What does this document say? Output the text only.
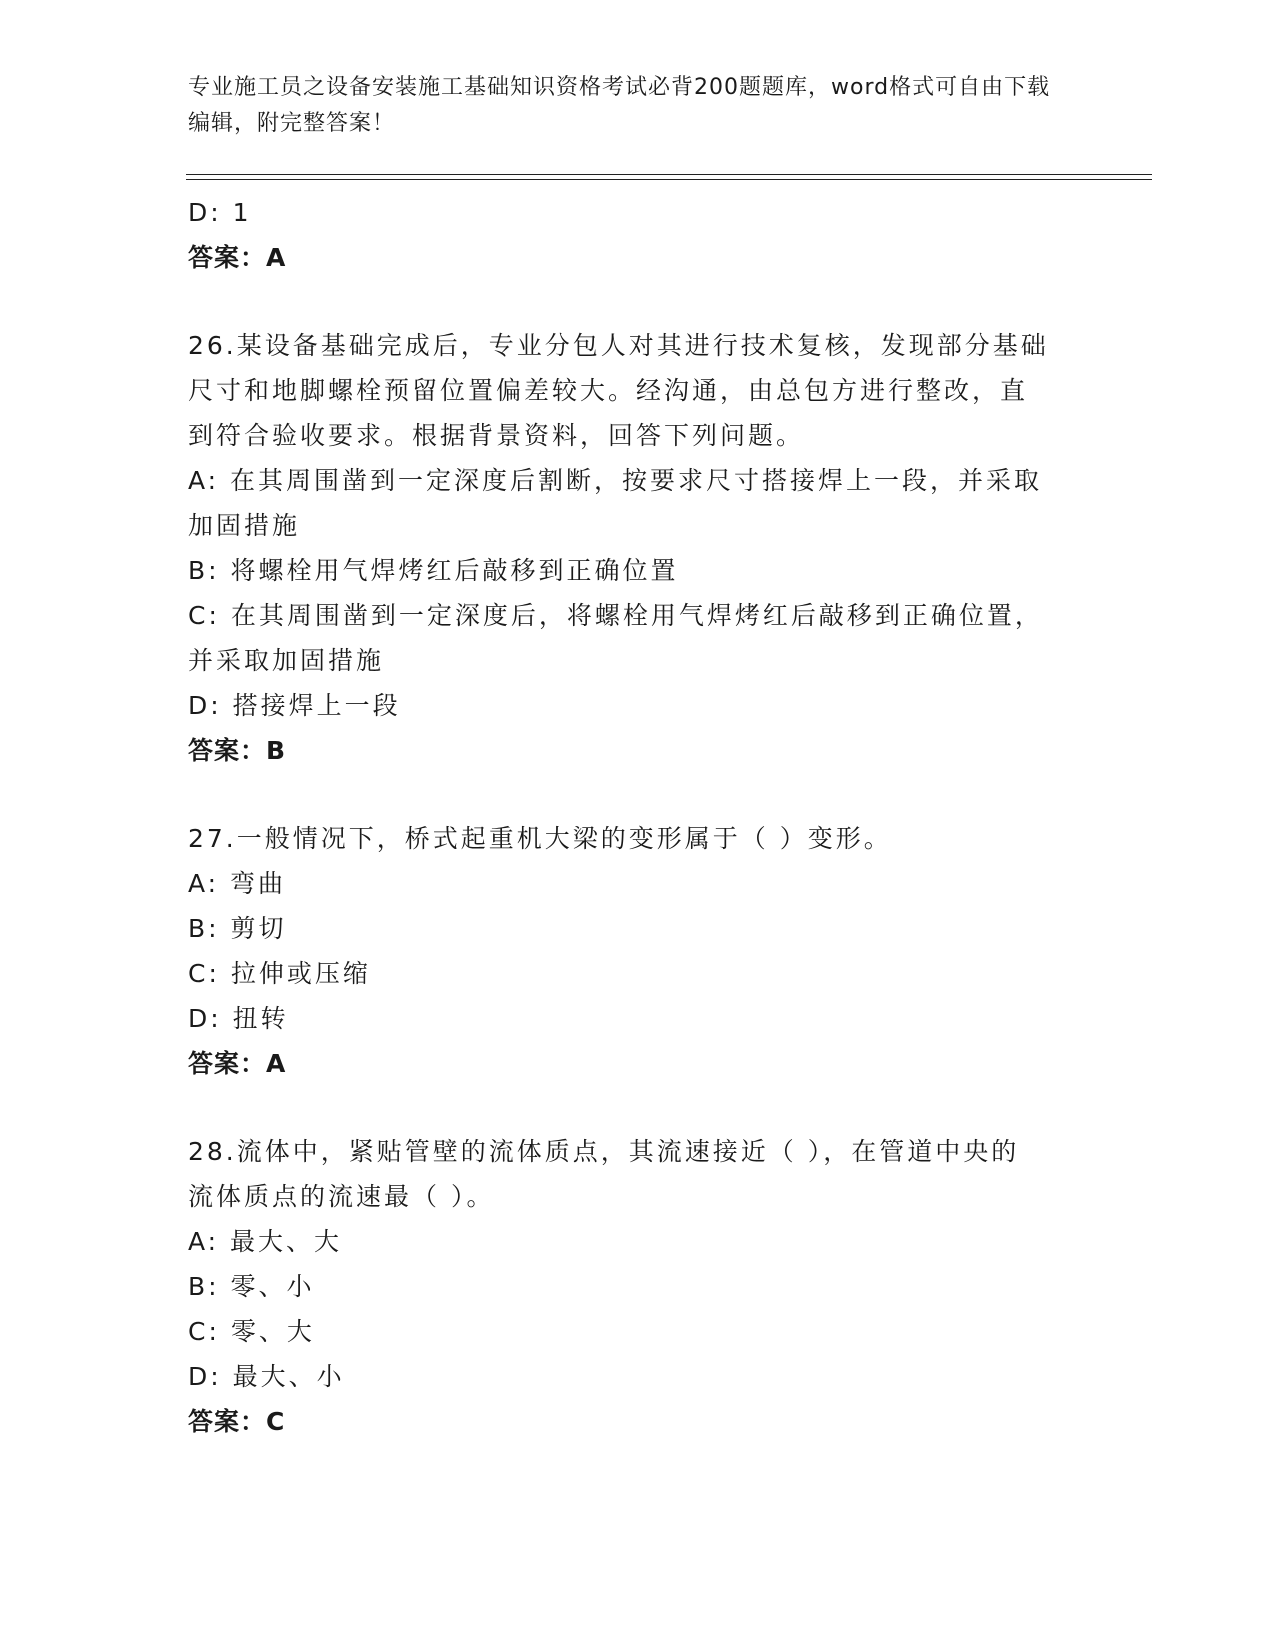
专业施工员之设备安装施工基础知识资格考试必背200题题库，word格式可自由下载编辑，附完整答案！
D: 1
答案：A
26.某设备基础完成后，专业分包人对其进行技术复核，发现部分基础
尺寸和地脚螺栓预留位置偏差较大。经沟通，由总包方进行整改，直
到符合验收要求。根据背景资料，回答下列问题。
A: 在其周围凿到一定深度后割断，按要求尺寸搭接焊上一段，并采取
加固措施
B: 将螺栓用气焊烤红后敲移到正确位置
C: 在其周围凿到一定深度后，将螺栓用气焊烤红后敲移到正确位置，
并采取加固措施
D: 搭接焊上一段
答案：B
27.一般情况下，桥式起重机大梁的变形属于（ ）变形。
A: 弯曲
B: 剪切
C: 拉伸或压缩
D: 扭转
答案：A
28.流体中，紧贴管壁的流体质点，其流速接近（ ），在管道中央的
流体质点的流速最（ ）。
A: 最大、大
B: 零、小
C: 零、大
D: 最大、小
答案：C
